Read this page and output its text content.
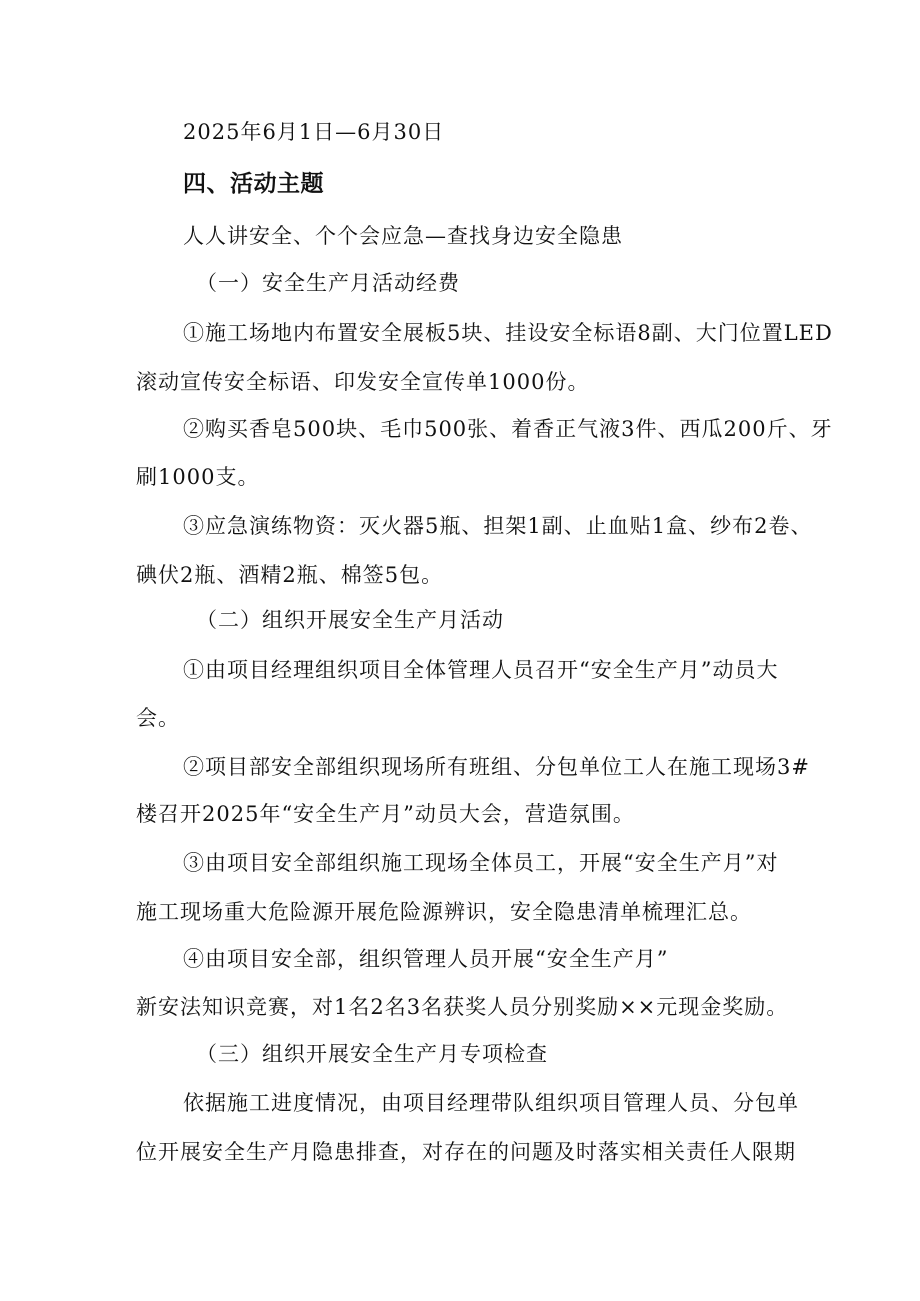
2025年6月1日—6月30日
四、活动主题
人人讲安全、个个会应急—查找身边安全隐患
（一）安全生产月活动经费
①施工场地内布置安全展板5块、挂设安全标语8副、大门位置LED
滚动宣传安全标语、印发安全宣传单1000份。
②购买香皂500块、毛巾500张、着香正气液3件、西瓜200斤、牙
刷1000支。
③应急演练物资：灭火器5瓶、担架1副、止血贴1盒、纱布2卷、
碘伏2瓶、酒精2瓶、棉签5包。
（二）组织开展安全生产月活动
①由项目经理组织项目全体管理人员召开“安全生产月”动员大
会。
②项目部安全部组织现场所有班组、分包单位工人在施工现场3#
楼召开2025年“安全生产月”动员大会，营造氛围。
③由项目安全部组织施工现场全体员工，开展“安全生产月”对
施工现场重大危险源开展危险源辨识，安全隐患清单梳理汇总。
④由项目安全部，组织管理人员开展“安全生产月”
新安法知识竞赛，对1名2名3名获奖人员分别奖励××元现金奖励。
（三）组织开展安全生产月专项检查
依据施工进度情况，由项目经理带队组织项目管理人员、分包单
位开展安全生产月隐患排查，对存在的问题及时落实相关责任人限期
